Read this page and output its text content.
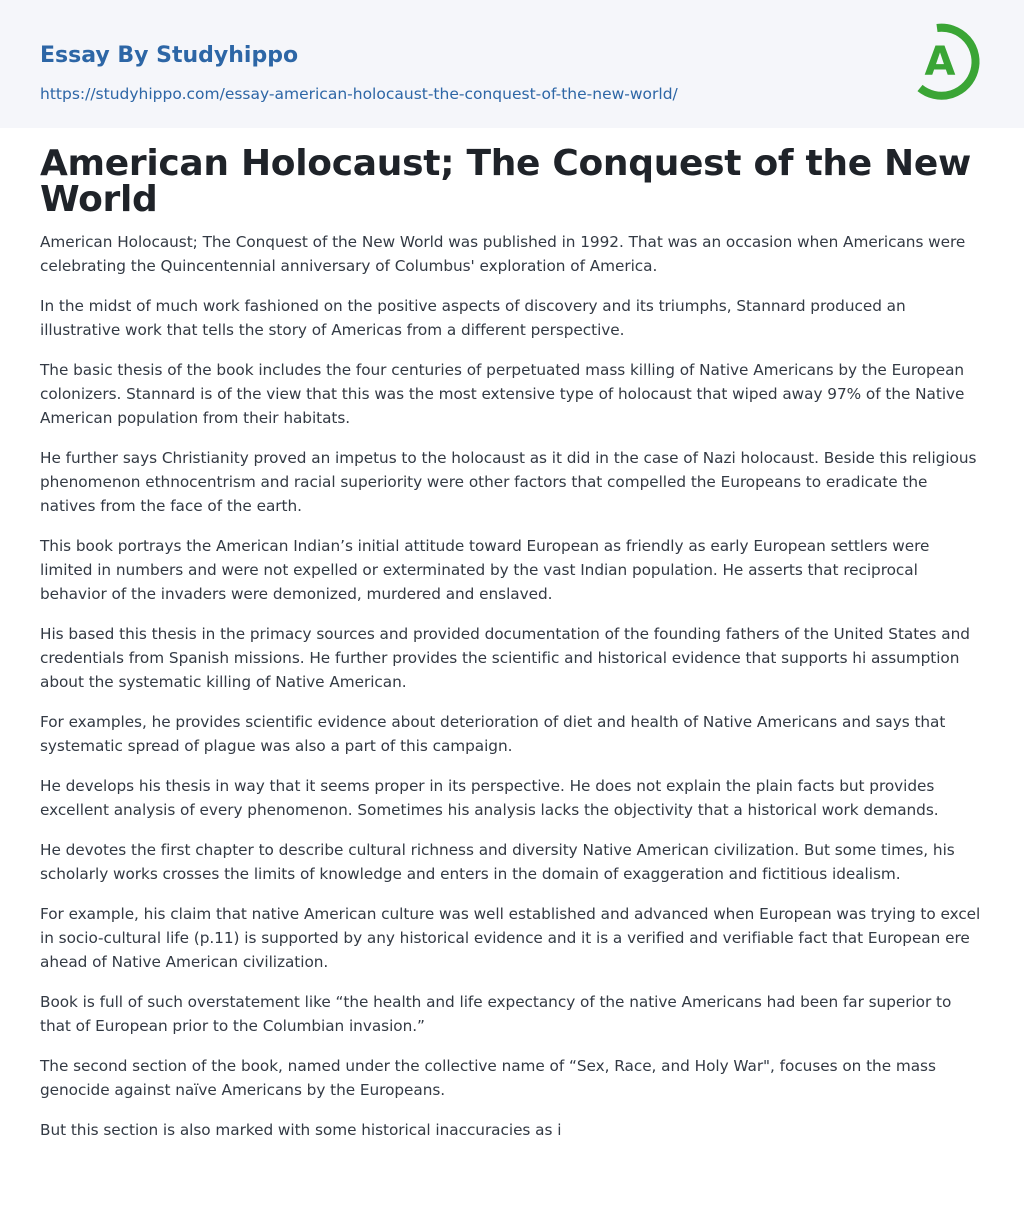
Essay By Studyhippo
https://studyhippo.com/essay-american-holocaust-the-conquest-of-the-new-world/
A
American Holocaust; The Conquest of the New World

American Holocaust; The Conquest of the New World was published in 1992. That was an occasion when Americans were celebrating the Quincentennial anniversary of Columbus' exploration of America.

In the midst of much work fashioned on the positive aspects of discovery and its triumphs, Stannard produced an illustrative work that tells the story of Americas from a different perspective.

The basic thesis of the book includes the four centuries of perpetuated mass killing of Native Americans by the European colonizers. Stannard is of the view that this was the most extensive type of holocaust that wiped away 97% of the Native American population from their habitats.

He further says Christianity proved an impetus to the holocaust as it did in the case of Nazi holocaust. Beside this religious phenomenon ethnocentrism and racial superiority were other factors that compelled the Europeans to eradicate the natives from the face of the earth.

This book portrays the American Indian’s initial attitude toward European as friendly as early European settlers were limited in numbers and were not expelled or exterminated by the vast Indian population. He asserts that reciprocal behavior of the invaders were demonized, murdered and enslaved.

His based this thesis in the primacy sources and provided documentation of the founding fathers of the United States and credentials from Spanish missions. He further provides the scientific and historical evidence that supports hi assumption about the systematic killing of Native American.

For examples, he provides scientific evidence about deterioration of diet and health of Native Americans and says that systematic spread of plague was also a part of this campaign.

He develops his thesis in way that it seems proper in its perspective. He does not explain the plain facts but provides excellent analysis of every phenomenon. Sometimes his analysis lacks the objectivity that a historical work demands.

He devotes the first chapter to describe cultural richness and diversity Native American civilization. But some times, his scholarly works crosses the limits of knowledge and enters in the domain of exaggeration and fictitious idealism.

For example, his claim that native American culture was well established and advanced when European was trying to excel in socio-cultural life (p.11) is supported by any historical evidence and it is a verified and verifiable fact that European ere ahead of Native American civilization.

Book is full of such overstatement like “the health and life expectancy of the native Americans had been far superior to that of European prior to the Columbian invasion.”

The second section of the book, named under the collective name of “Sex, Race, and Holy War", focuses on the mass genocide against naïve Americans by the Europeans.

But this section is also marked with some historical inaccuracies as i
